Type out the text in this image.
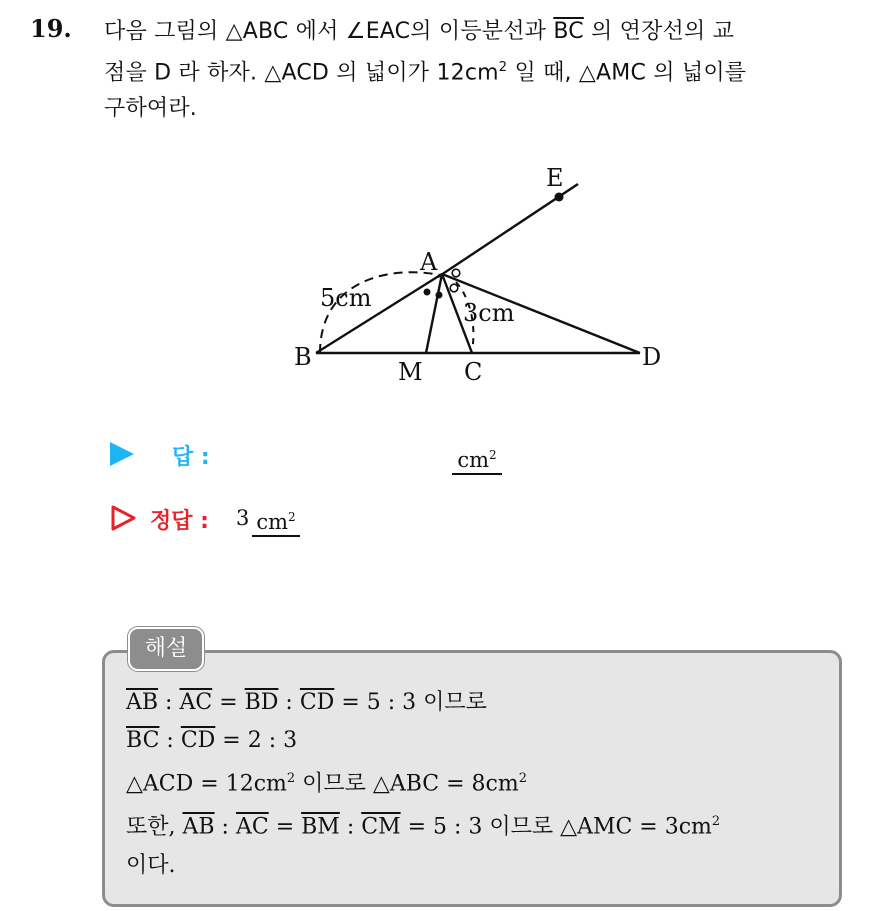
19. 다음 그림의 △ABC 에서 ∠EAC의 이등분선과 $\overline{BC}$ 의 연장선의 교
점을 D 라 하자. △ACD 의 넓이가 $12cm^2$ 일 때, △AMC 의 넓이를
구하여라.
E
A
B
M C
D
5cm
3cm
답 :	$cm^2$
정답 : 3 $cm^2$
해설
$\overline{AB}$ : $\overline{AC} = \overline{BD}$ : $\overline{CD} = 5$ : 3 이므로
$\overline{BC}$ : $\overline{CD} = 2$ : 3
△ACD = $12cm^2$ 이므로 △ABC = $8cm^2$
또한, $\overline{AB}$ : $\overline{AC} = \overline{BM}$ : $\overline{CM} = 5$ : 3 이므로 △AMC = $3cm^2$
이다.
